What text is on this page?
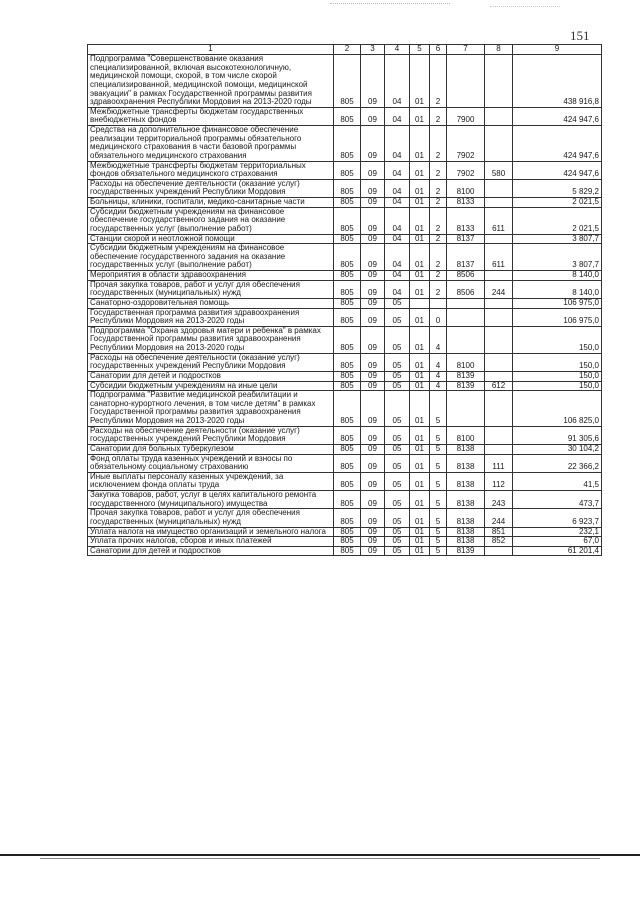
151
1	2	3	4	5	6	7	8	9
Подпрограмма "Совершенствование оказания специализированной, включая высокотехнологичную, медицинской помощи, скорой, в том числе скорой специализированной, медицинской помощи, медицинской эвакуации" в рамках Государственной программы развития здравоохранения Республики Мордовия на 2013-2020 годы	805	09	04	01	2			438 916,8
Межбюджетные трансферты бюджетам государственных внебюджетных фондов	805	09	04	01	2	7900		424 947,6
Средства на дополнительное финансовое обеспечение реализации территориальной программы обязательного медицинского страхования в части базовой программы обязательного медицинского страхования	805	09	04	01	2	7902		424 947,6
Межбюджетные трансферты бюджетам территориальных фондов обязательного медицинского страхования	805	09	04	01	2	7902	580	424 947,6
Расходы на обеспечение деятельности (оказание услуг) государственных учреждений Республики Мордовия	805	09	04	01	2	8100		5 829,2
Больницы, клиники, госпитали, медико-санитарные части	805	09	04	01	2	8133		2 021,5
Субсидии бюджетным учреждениям на финансовое обеспечение государственного задания на оказание государственных услуг (выполнение работ)	805	09	04	01	2	8133	611	2 021,5
Станции скорой и неотложной помощи	805	09	04	01	2	8137		3 807,7
Субсидии бюджетным учреждениям на финансовое обеспечение государственного задания на оказание государственных услуг (выполнение работ)	805	09	04	01	2	8137	611	3 807,7
Мероприятия в области здравоохранения	805	09	04	01	2	8506		8 140,0
Прочая закупка товаров, работ и услуг для обеспечения государственных (муниципальных) нужд	805	09	04	01	2	8506	244	8 140,0
Санаторно-оздоровительная помощь	805	09	05					106 975,0
Государственная программа развития здравоохранения Республики Мордовия на 2013-2020 годы	805	09	05	01	0			106 975,0
Подпрограмма "Охрана здоровья матери и ребенка" в рамках Государственной программы развития здравоохранения Республики Мордовия на 2013-2020 годы	805	09	05	01	4			150,0
Расходы на обеспечение деятельности (оказание услуг) государственных учреждений Республики Мордовия	805	09	05	01	4	8100		150,0
Санатории для детей и подростков	805	09	05	01	4	8139		150,0
Субсидии бюджетным учреждениям на иные цели	805	09	05	01	4	8139	612	150,0
Подпрограмма "Развитие медицинской реабилитации и санаторно-курортного лечения, в том числе детям" в рамках Государственной программы развития здравоохранения Республики Мордовия на 2013-2020 годы	805	09	05	01	5			106 825,0
Расходы на обеспечение деятельности (оказание услуг) государственных учреждений Республики Мордовия	805	09	05	01	5	8100		91 305,6
Санатории для больных туберкулезом	805	09	05	01	5	8138		30 104,2
Фонд оплаты труда казенных учреждений и взносы по обязательному социальному страхованию	805	09	05	01	5	8138	111	22 366,2
Иные выплаты персоналу казенных учреждений, за исключением фонда оплаты труда	805	09	05	01	5	8138	112	41,5
Закупка товаров, работ, услуг в целях капитального ремонта государственного (муниципального) имущества	805	09	05	01	5	8138	243	473,7
Прочая закупка товаров, работ и услуг для обеспечения государственных (муниципальных) нужд	805	09	05	01	5	8138	244	6 923,7
Уплата налога на имущество организаций и земельного налога	805	09	05	01	5	8138	851	232,1
Уплата прочих налогов, сборов и иных платежей	805	09	05	01	5	8138	852	67,0
Санатории для детей и подростков	805	09	05	01	5	8139		61 201,4
